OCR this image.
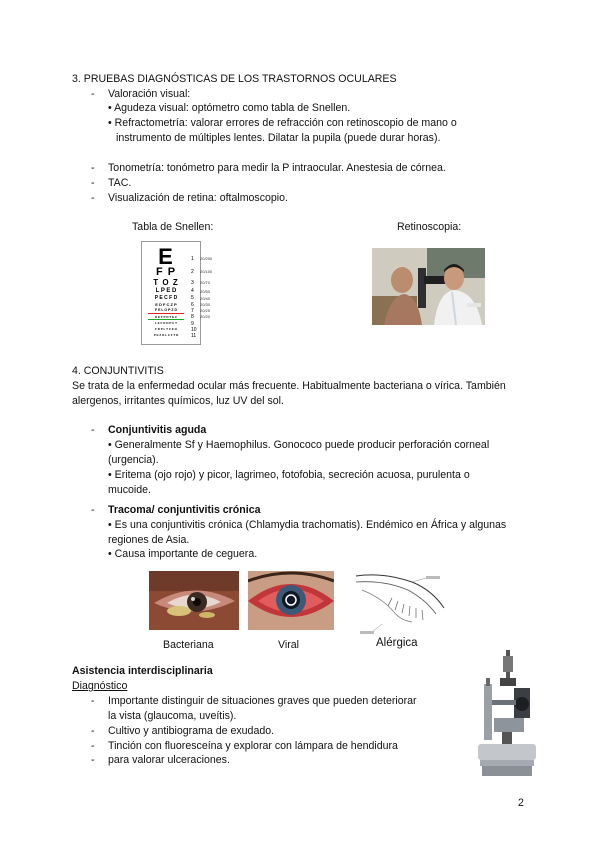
3. PRUEBAS DIAGNÓSTICAS DE LOS TRASTORNOS OCULARES
- Valoración visual:
• Agudeza visual: optómetro como tabla de Snellen.
• Refractometría: valorar errores de refracción con retinoscopio de mano o
instrumento de múltiples lentes. Dilatar la pupila (puede durar horas).
- Tonometría: tonómetro para medir la P intraocular. Anestesia de córnea.
- TAC.
- Visualización de retina: oftalmoscopio.
Tabla de Snellen:	Retinoscopia:
E
F P
T O Z
L P E D
P E C F D
E D F C Z P
F E L O P Z D
D E F P O T E C
L E F O D P C T
F D P L T C E O
P E Z O L C F T D
1
2
3
4
5
6
7
8
9
10
11
20/200
20/100
20/70
20/50
20/40
20/30
20/25
20/20
4. CONJUNTIVITIS
Se trata de la enfermedad ocular más frecuente. Habitualmente bacteriana o vírica. También
alergenos, irritantes químicos, luz UV del sol.
- Conjuntivitis aguda
• Generalmente Sf y Haemophilus. Gonococo puede producir perforación corneal
(urgencia).
• Eritema (ojo rojo) y picor, lagrimeo, fotofobia, secreción acuosa, purulenta o
mucoide.
- Tracoma/ conjuntivitis crónica
• Es una conjuntivitis crónica (Chlamydia trachomatis). Endémico en África y algunas
regiones de Asia.
• Causa importante de ceguera.
Bacteriana	Viral	Alérgica
Asistencia interdisciplinaria
Diagnóstico
- Importante distinguir de situaciones graves que pueden deteriorar
la vista (glaucoma, uveítis).
- Cultivo y antibiograma de exudado.
- Tinción con fluoresceína y explorar con lámpara de hendidura
- para valorar ulceraciones.
2
